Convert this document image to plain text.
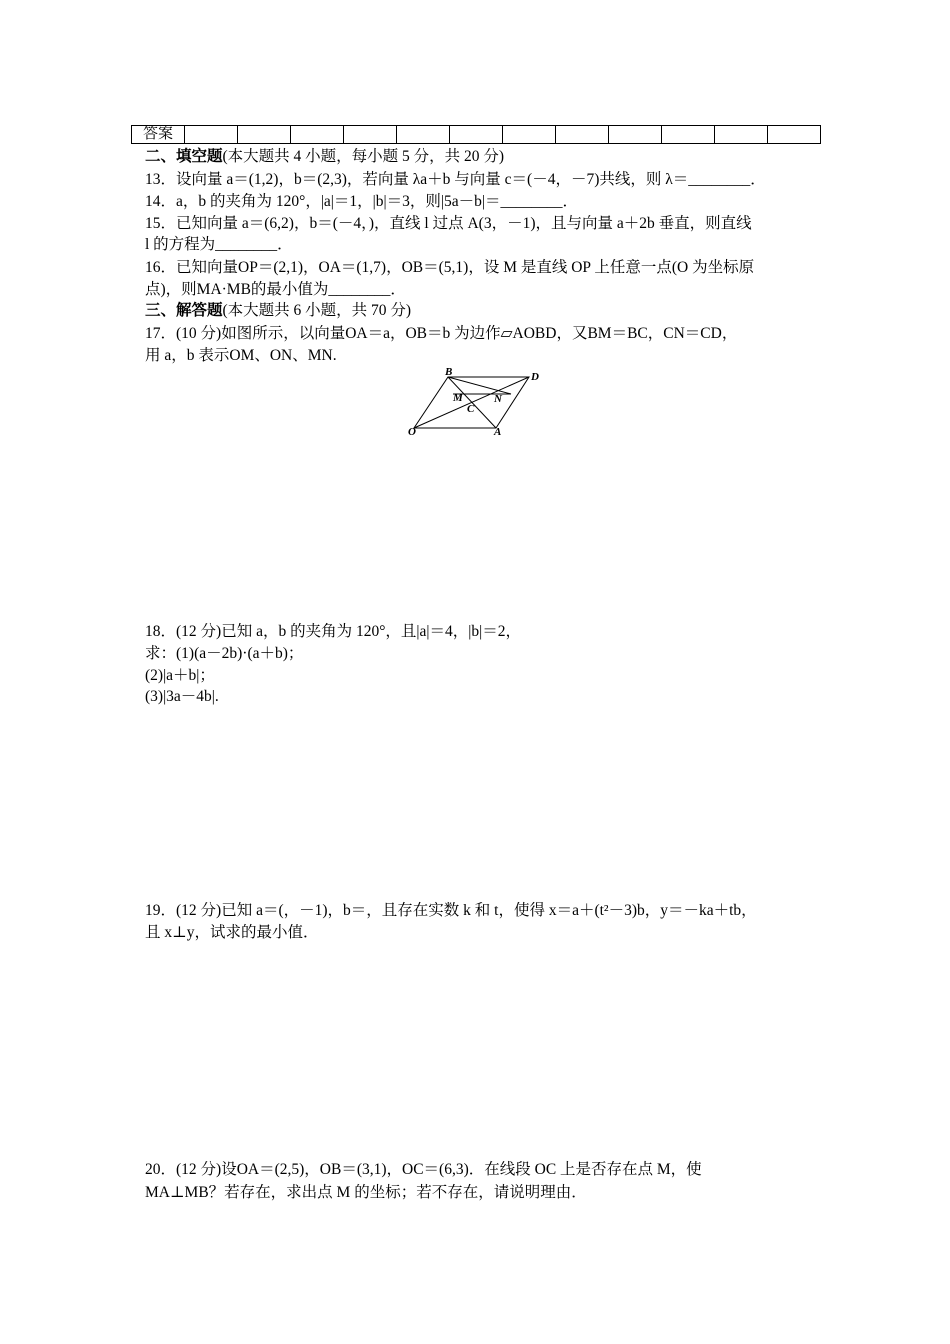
答案												
二、填空题(本大题共 4 小题，每小题 5 分，共 20 分)
13．设向量 a＝(1,2)，b＝(2,3)，若向量 λa＋b 与向量 c＝(－4，－7)共线，则 λ＝________．
14．a，b 的夹角为 120°，|a|＝1，|b|＝3，则|5a－b|＝________．
15．已知向量 a＝(6,2)，b＝(－4，)，直线 l 过点 A(3，－1)，且与向量 a＋2b 垂直，则直线
l 的方程为________．
16．已知向量OP＝(2,1)，OA＝(1,7)，OB＝(5,1)，设 M 是直线 OP 上任意一点(O 为坐标原
点)，则MA·MB的最小值为________．
三、解答题(本大题共 6 小题，共 70 分)
17．(10 分)如图所示，以向量OA＝a，OB＝b 为边作▱AOBD，又BM＝BC，CN＝CD，
用 a，b 表示OM、ON、MN.
B	D
M	N
C
O	A
18．(12 分)已知 a，b 的夹角为 120°，且|a|＝4，|b|＝2，
求：(1)(a－2b)·(a＋b)；
(2)|a＋b|；
(3)|3a－4b|.
19．(12 分)已知 a＝(，－1)，b＝，且存在实数 k 和 t，使得 x＝a＋(t²－3)b，y＝－ka＋tb，
且 x⊥y，试求的最小值．
20．(12 分)设OA＝(2,5)，OB＝(3,1)，OC＝(6,3)．在线段 OC 上是否存在点 M，使
MA⊥MB？若存在，求出点 M 的坐标；若不存在，请说明理由．
